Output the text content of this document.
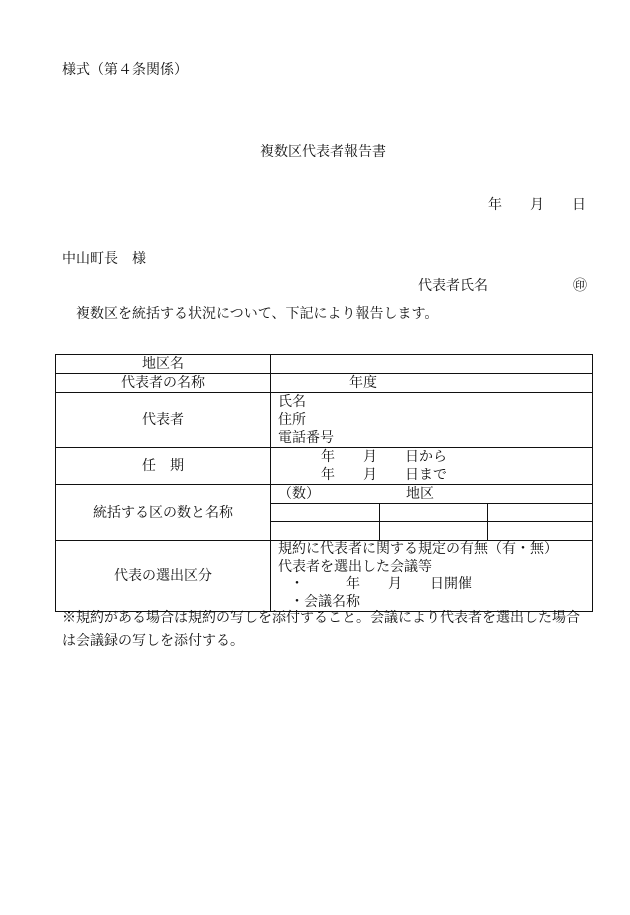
様式（第４条関係）
複数区代表者報告書
年　　月　　日
中山町長　様
代表者氏名	㊞
複数区を統括する状況について、下記により報告します。
地区名	
代表者の名称	年度

代表者	氏名
住所
電話番号

任　期	年　　月　　日から
年　　月　　日まで

統括する区の数と名称	（数） 地区

代表の選出区分	規約に代表者に関する規定の有無（有・無）
代表者を選出した会議等
・　　　年　　月　　日開催
・会議名称
※規約がある場合は規約の写しを添付すること。会議により代表者を選出した場合
は会議録の写しを添付する。
